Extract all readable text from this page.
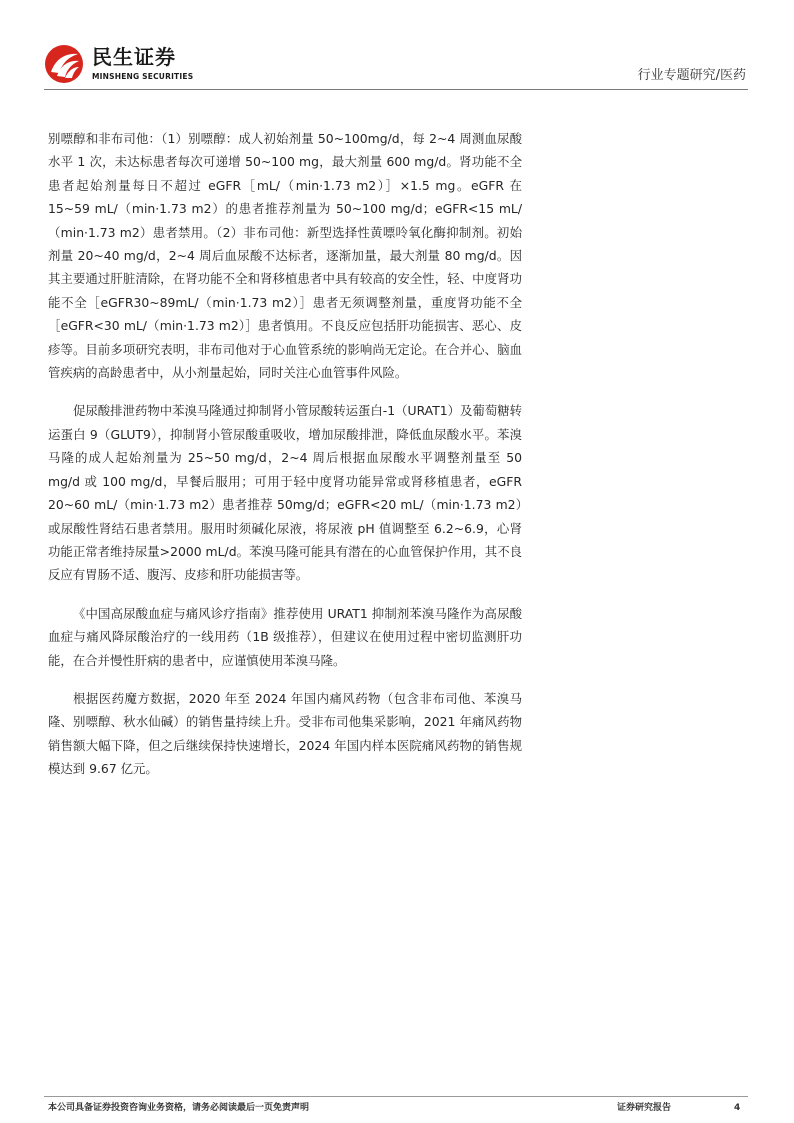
民生证券
MINSHENG SECURITIES	行业专题研究/医药

别嘌醇和非布司他：（1）别嘌醇：成人初始剂量 50~100mg/d，每 2~4 周测血尿酸水平 1 次，未达标患者每次可递增 50~100 mg，最大剂量 600 mg/d。肾功能不全患者起始剂量每日不超过 eGFR［mL/（min·1.73 m2）］×1.5 mg。eGFR 在 15~59 mL/（min·1.73 m2）的患者推荐剂量为 50~100 mg/d；eGFR<15 mL/（min·1.73 m2）患者禁用。（2）非布司他：新型选择性黄嘌呤氧化酶抑制剂。初始剂量 20~40 mg/d，2~4 周后血尿酸不达标者，逐渐加量，最大剂量 80 mg/d。因其主要通过肝脏清除，在肾功能不全和肾移植患者中具有较高的安全性，轻、中度肾功能不全［eGFR30~89mL/（min·1.73 m2）］患者无须调整剂量，重度肾功能不全［eGFR<30 mL/（min·1.73 m2）］患者慎用。不良反应包括肝功能损害、恶心、皮疹等。目前多项研究表明，非布司他对于心血管系统的影响尚无定论。在合并心、脑血管疾病的高龄患者中，从小剂量起始，同时关注心血管事件风险。

促尿酸排泄药物中苯溴马隆通过抑制肾小管尿酸转运蛋白-1（URAT1）及葡萄糖转运蛋白 9（GLUT9），抑制肾小管尿酸重吸收，增加尿酸排泄，降低血尿酸水平。苯溴马隆的成人起始剂量为 25~50 mg/d，2~4 周后根据血尿酸水平调整剂量至 50 mg/d 或 100 mg/d，早餐后服用；可用于轻中度肾功能异常或肾移植患者，eGFR 20~60 mL/（min·1.73 m2）患者推荐 50mg/d；eGFR<20 mL/（min·1.73 m2）或尿酸性肾结石患者禁用。服用时须碱化尿液，将尿液 pH 值调整至 6.2~6.9，心肾功能正常者维持尿量>2000 mL/d。苯溴马隆可能具有潜在的心血管保护作用，其不良反应有胃肠不适、腹泻、皮疹和肝功能损害等。

《中国高尿酸血症与痛风诊疗指南》推荐使用 URAT1 抑制剂苯溴马隆作为高尿酸血症与痛风降尿酸治疗的一线用药（1B 级推荐），但建议在使用过程中密切监测肝功能，在合并慢性肝病的患者中，应谨慎使用苯溴马隆。

根据医药魔方数据，2020 年至 2024 年国内痛风药物（包含非布司他、苯溴马隆、别嘌醇、秋水仙碱）的销售量持续上升。受非布司他集采影响，2021 年痛风药物销售额大幅下降，但之后继续保持快速增长，2024 年国内样本医院痛风药物的销售规模达到 9.67 亿元。

本公司具备证券投资咨询业务资格，请务必阅读最后一页免责声明	证券研究报告	4
